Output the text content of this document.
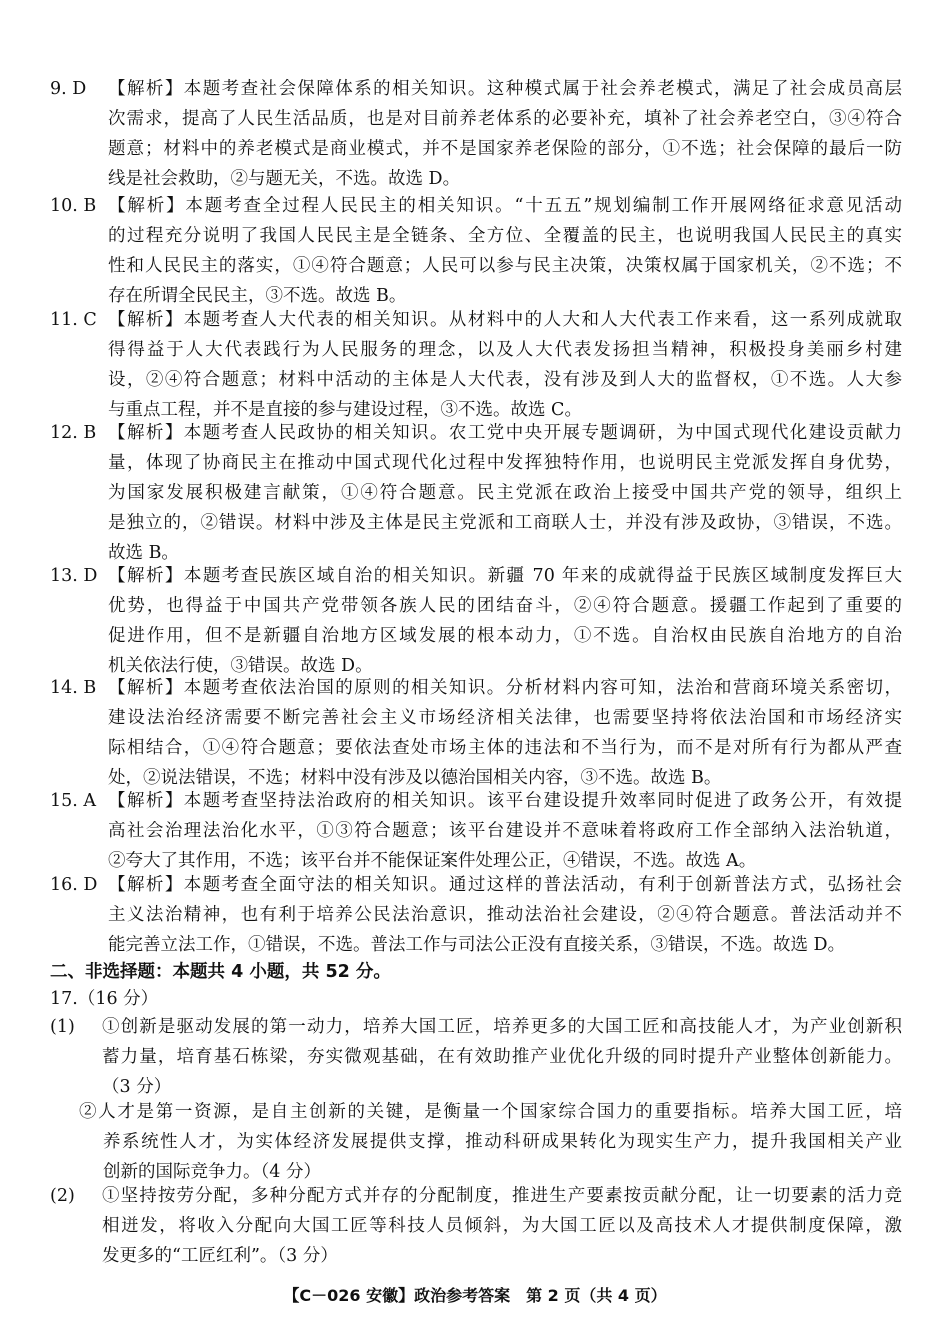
9. D	【解析】本题考查社会保障体系的相关知识。这种模式属于社会养老模式，满足了社会成员高层
次需求，提高了人民生活品质，也是对目前养老体系的必要补充，填补了社会养老空白，③④符合
题意；材料中的养老模式是商业模式，并不是国家养老保险的部分，①不选；社会保障的最后一防
线是社会救助，②与题无关，不选。故选 D。
10. B 【解析】本题考查全过程人民民主的相关知识。“十五五”规划编制工作开展网络征求意见活动
的过程充分说明了我国人民民主是全链条、全方位、全覆盖的民主，也说明我国人民民主的真实
性和人民民主的落实，①④符合题意；人民可以参与民主决策，决策权属于国家机关，②不选；不
存在所谓全民民主，③不选。故选 B。
11. C 【解析】本题考查人大代表的相关知识。从材料中的人大和人大代表工作来看，这一系列成就取
得得益于人大代表践行为人民服务的理念，以及人大代表发扬担当精神，积极投身美丽乡村建
设，②④符合题意；材料中活动的主体是人大代表，没有涉及到人大的监督权，①不选。人大参
与重点工程，并不是直接的参与建设过程，③不选。故选 C。
12. B 【解析】本题考查人民政协的相关知识。农工党中央开展专题调研，为中国式现代化建设贡献力
量，体现了协商民主在推动中国式现代化过程中发挥独特作用，也说明民主党派发挥自身优势，
为国家发展积极建言献策，①④符合题意。民主党派在政治上接受中国共产党的领导，组织上
是独立的，②错误。材料中涉及主体是民主党派和工商联人士，并没有涉及政协，③错误，不选。
故选 B。
13. D 【解析】本题考查民族区域自治的相关知识。新疆 70 年来的成就得益于民族区域制度发挥巨大
优势，也得益于中国共产党带领各族人民的团结奋斗，②④符合题意。援疆工作起到了重要的
促进作用，但不是新疆自治地方区域发展的根本动力，①不选。自治权由民族自治地方的自治
机关依法行使，③错误。故选 D。
14. B 【解析】本题考查依法治国的原则的相关知识。分析材料内容可知，法治和营商环境关系密切，
建设法治经济需要不断完善社会主义市场经济相关法律，也需要坚持将依法治国和市场经济实
际相结合，①④符合题意；要依法查处市场主体的违法和不当行为，而不是对所有行为都从严查
处，②说法错误，不选；材料中没有涉及以德治国相关内容，③不选。故选 B。
15. A 【解析】本题考查坚持法治政府的相关知识。该平台建设提升效率同时促进了政务公开，有效提
高社会治理法治化水平，①③符合题意；该平台建设并不意味着将政府工作全部纳入法治轨道，
②夸大了其作用，不选；该平台并不能保证案件处理公正，④错误，不选。故选 A。
16. D 【解析】本题考查全面守法的相关知识。通过这样的普法活动，有利于创新普法方式，弘扬社会
主义法治精神，也有利于培养公民法治意识，推动法治社会建设，②④符合题意。普法活动并不
能完善立法工作，①错误，不选。普法工作与司法公正没有直接关系，③错误，不选。故选 D。
二、非选择题：本题共 4 小题，共 52 分。
17.（16 分）
(1) ①创新是驱动发展的第一动力，培养大国工匠，培养更多的大国工匠和高技能人才，为产业创新积
蓄力量，培育基石栋梁，夯实微观基础，在有效助推产业优化升级的同时提升产业整体创新能力。
（3 分）
②人才是第一资源，是自主创新的关键，是衡量一个国家综合国力的重要指标。培养大国工匠，培
养系统性人才，为实体经济发展提供支撑，推动科研成果转化为现实生产力，提升我国相关产业
创新的国际竞争力。（4 分）
(2) ①坚持按劳分配，多种分配方式并存的分配制度，推进生产要素按贡献分配，让一切要素的活力竞
相迸发，将收入分配向大国工匠等科技人员倾斜，为大国工匠以及高技术人才提供制度保障，激
发更多的“工匠红利”。（3 分）
【C－026 安徽】政治参考答案　第 2 页（共 4 页）
